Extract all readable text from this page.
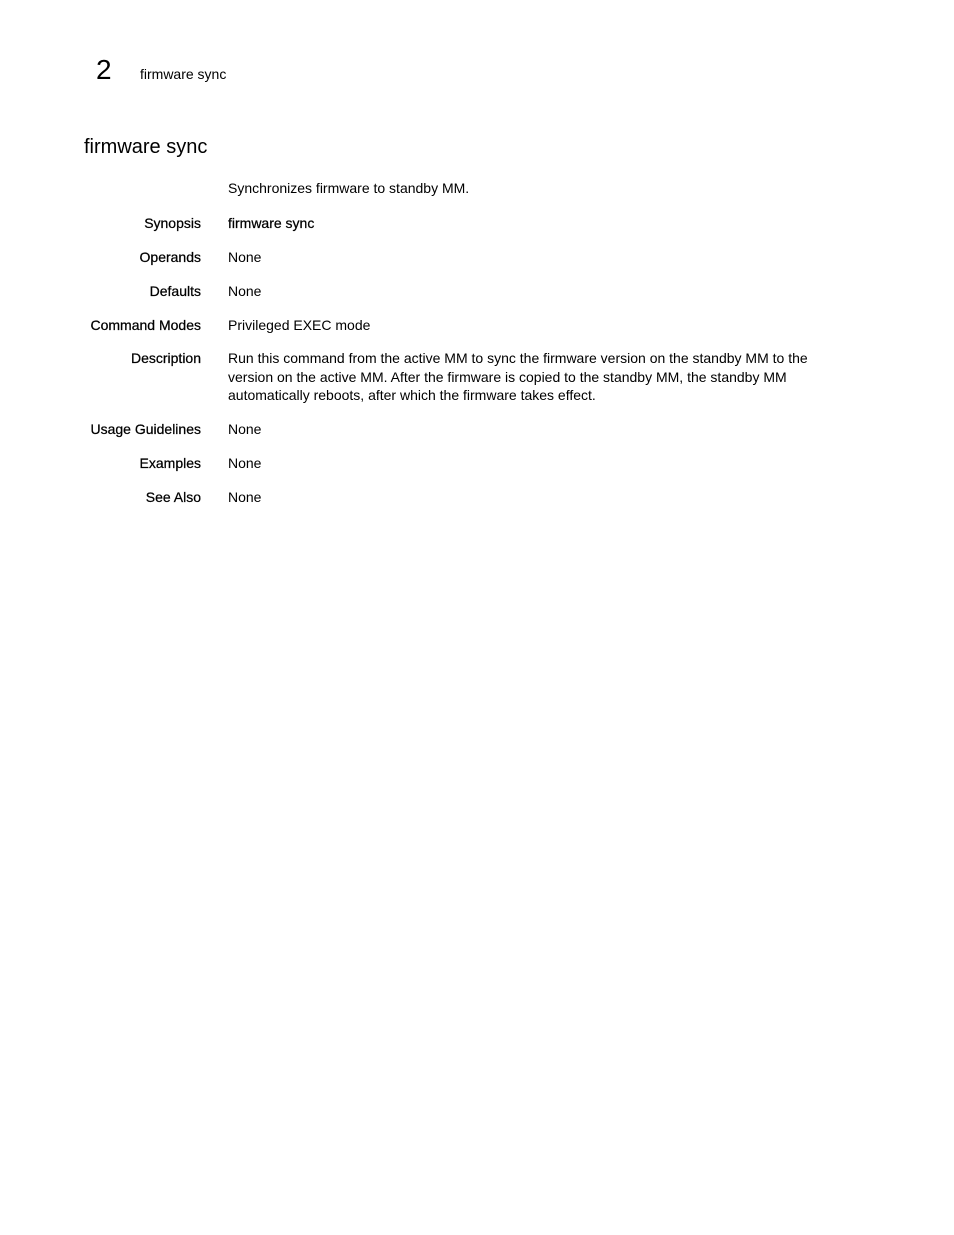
2 firmware sync
firmware sync
Synchronizes firmware to standby MM.
Synopsis firmware sync
Operands None
Defaults None
Command Modes Privileged EXEC mode
Description Run this command from the active MM to sync the firmware version on the standby MM to the version on the active MM. After the firmware is copied to the standby MM, the standby MM automatically reboots, after which the firmware takes effect.
Usage Guidelines None
Examples None
See Also None
